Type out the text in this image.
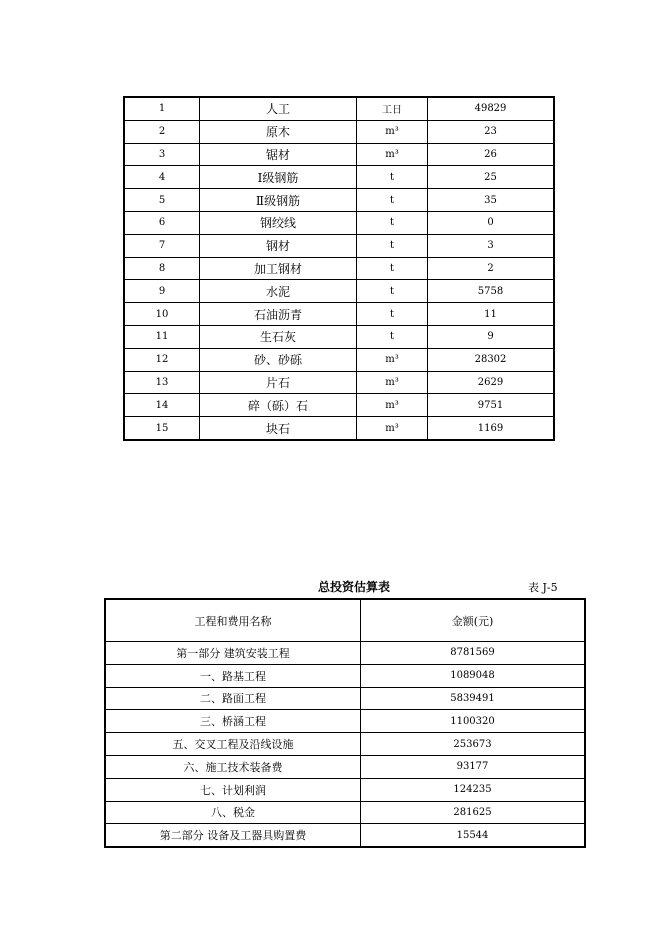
1	人工	工日	49829
2	原木	m³	23
3	锯材	m³	26
4	Ⅰ级钢筋	t	25
5	Ⅱ级钢筋	t	35
6	钢绞线	t	0
7	钢材	t	3
8	加工钢材	t	2
9	水泥	t	5758
10	石油沥青	t	11
11	生石灰	t	9
12	砂、砂砾	m³	28302
13	片石	m³	2629
14	碎（砾）石	m³	9751
15	块石	m³	1169
总投资估算表	表 J-5
工程和费用名称	金额(元)
第一部分 建筑安装工程	8781569
一、路基工程	1089048
二、路面工程	5839491
三、桥涵工程	1100320
五、交叉工程及沿线设施	253673
六、施工技术装备费	93177
七、计划利润	124235
八、税金	281625
第二部分 设备及工器具购置费	15544
